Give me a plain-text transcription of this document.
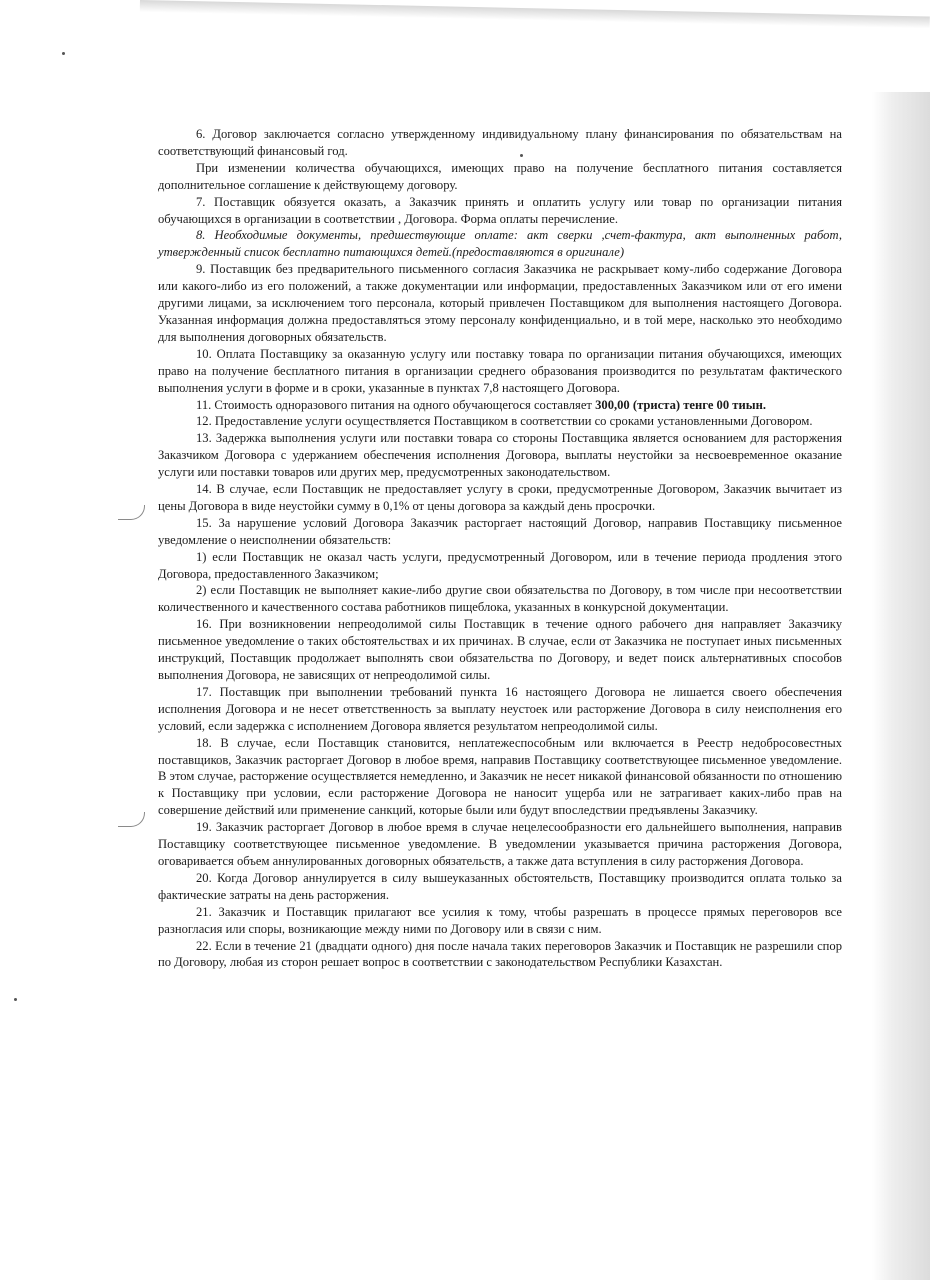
6. Договор заключается согласно утвержденному индивидуальному плану финансирования по обязательствам на соответствующий финансовый год.

При изменении количества обучающихся, имеющих право на получение бесплатного питания составляется дополнительное соглашение к действующему договору.

7. Поставщик обязуется оказать, а Заказчик принять и оплатить услугу или товар по организации питания обучающихся в организации в соответствии , Договора. Форма оплаты перечисление.

8. Необходимые документы, предшествующие оплате: акт сверки ,счет-фактура, акт выполненных работ, утвержденный список бесплатно питающихся детей.(предоставляются в оригинале)

9. Поставщик без предварительного письменного согласия Заказчика не раскрывает кому-либо содержание Договора или какого-либо из его положений, а также документации или информации, предоставленных Заказчиком или от его имени другими лицами, за исключением того персонала, который привлечен Поставщиком для выполнения настоящего Договора. Указанная информация должна предоставляться этому персоналу конфиденциально, и в той мере, насколько это необходимо для выполнения договорных обязательств.

10. Оплата Поставщику за оказанную услугу или поставку товара по организации питания обучающихся, имеющих право на получение бесплатного питания в организации среднего образования производится по результатам фактического выполнения услуги в форме и в сроки, указанные в пунктах 7,8 настоящего Договора.

11. Стоимость одноразового питания на одного обучающегося составляет 300,00 (триста) тенге 00 тиын.

12. Предоставление услуги осуществляется Поставщиком в соответствии со сроками установленными Договором.

13. Задержка выполнения услуги или поставки товара со стороны Поставщика является основанием для расторжения Заказчиком Договора с удержанием обеспечения исполнения Договора, выплаты неустойки за несвоевременное оказание услуги или поставки товаров или других мер, предусмотренных законодательством.

14. В случае, если Поставщик не предоставляет услугу в сроки, предусмотренные Договором, Заказчик вычитает из цены Договора в виде неустойки сумму в 0,1% от цены договора за каждый день просрочки.

15. За нарушение условий Договора Заказчик расторгает настоящий Договор, направив Поставщику письменное уведомление о неисполнении обязательств:

1) если Поставщик не оказал часть услуги, предусмотренный Договором, или в течение периода продления этого Договора, предоставленного Заказчиком;

2) если Поставщик не выполняет какие-либо другие свои обязательства по Договору, в том числе при несоответствии количественного и качественного состава работников пищеблока, указанных в конкурсной документации.

16. При возникновении непреодолимой силы Поставщик в течение одного рабочего дня направляет Заказчику письменное уведомление о таких обстоятельствах и их причинах. В случае, если от Заказчика не поступает иных письменных инструкций, Поставщик продолжает выполнять свои обязательства по Договору, и ведет поиск альтернативных способов выполнения Договора, не зависящих от непреодолимой силы.

17. Поставщик при выполнении требований пункта 16 настоящего Договора не лишается своего обеспечения исполнения Договора и не несет ответственность за выплату неустоек или расторжение Договора в силу неисполнения его условий, если задержка с исполнением Договора является результатом непреодолимой силы.

18. В случае, если Поставщик становится, неплатежеспособным или включается в Реестр недобросовестных поставщиков, Заказчик расторгает Договор в любое время, направив Поставщику соответствующее письменное уведомление. В этом случае, расторжение осуществляется немедленно, и Заказчик не несет никакой финансовой обязанности по отношению к Поставщику при условии, если расторжение Договора не наносит ущерба или не затрагивает каких-либо прав на совершение действий или применение санкций, которые были или будут впоследствии предъявлены Заказчику.

19. Заказчик расторгает Договор в любое время в случае нецелесообразности его дальнейшего выполнения, направив Поставщику соответствующее письменное уведомление. В уведомлении указывается причина расторжения Договора, оговаривается объем аннулированных договорных обязательств, а также дата вступления в силу расторжения Договора.

20. Когда Договор аннулируется в силу вышеуказанных обстоятельств, Поставщику производится оплата только за фактические затраты на день расторжения.

21. Заказчик и Поставщик прилагают все усилия к тому, чтобы разрешать в процессе прямых переговоров все разногласия или споры, возникающие между ними по Договору или в связи с ним.

22. Если в течение 21 (двадцати одного) дня после начала таких переговоров Заказчик и Поставщик не разрешили спор по Договору, любая из сторон решает вопрос в соответствии с законодательством Республики Казахстан.
